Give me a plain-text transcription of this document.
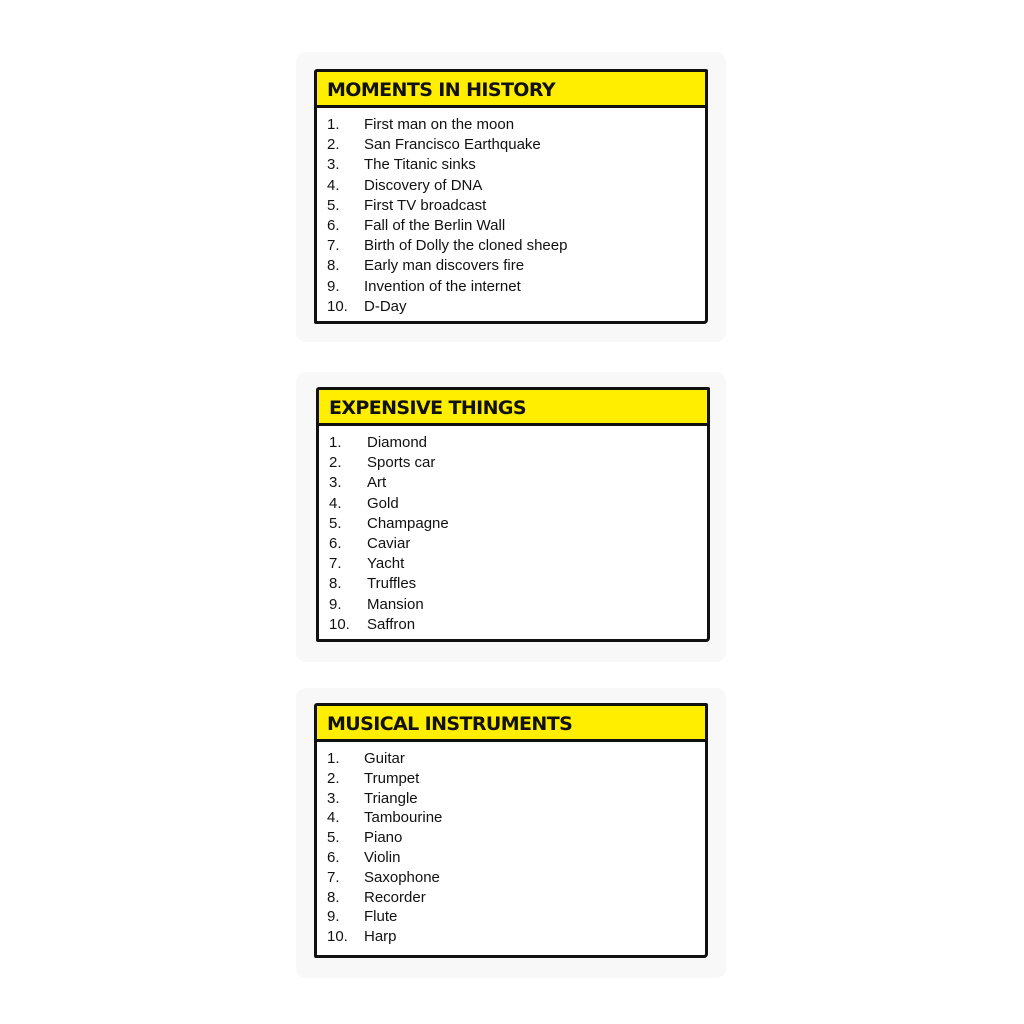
MOMENTS IN HISTORY
1. First man on the moon
2. San Francisco Earthquake
3. The Titanic sinks
4. Discovery of DNA
5. First TV broadcast
6. Fall of the Berlin Wall
7. Birth of Dolly the cloned sheep
8. Early man discovers fire
9. Invention of the internet
10. D-Day
EXPENSIVE THINGS
1. Diamond
2. Sports car
3. Art
4. Gold
5. Champagne
6. Caviar
7. Yacht
8. Truffles
9. Mansion
10. Saffron
MUSICAL INSTRUMENTS
1. Guitar
2. Trumpet
3. Triangle
4. Tambourine
5. Piano
6. Violin
7. Saxophone
8. Recorder
9. Flute
10. Harp
